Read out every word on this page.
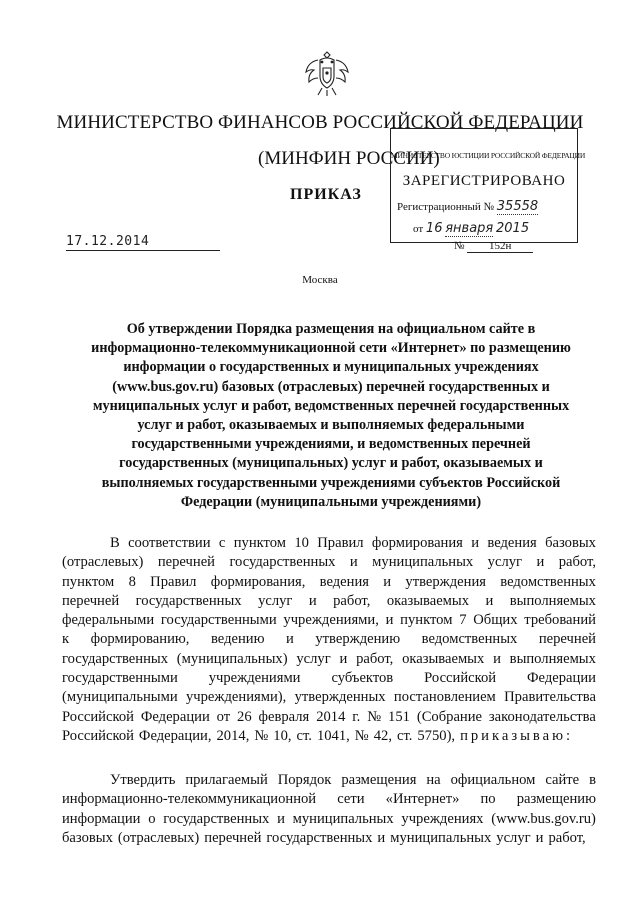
МИНИСТЕРСТВО ФИНАНСОВ РОССИЙСКОЙ ФЕДЕРАЦИИ
(МИНФИН РОССИИ)
ПРИКАЗ
МИНИСТЕРСТВО ЮСТИЦИИ РОССИЙСКОЙ ФЕДЕРАЦИИ
ЗАРЕГИСТРИРОВАНО
Регистрационный № 35558
от 16 января 2015
17.12.2014	№ 152н
Москва
Об утверждении Порядка размещения на официальном сайте в
информационно-телекоммуникационной сети «Интернет» по размещению
информации о государственных и муниципальных учреждениях
(www.bus.gov.ru) базовых (отраслевых) перечней государственных и
муниципальных услуг и работ, ведомственных перечней государственных
услуг и работ, оказываемых и выполняемых федеральными
государственными учреждениями, и ведомственных перечней
государственных (муниципальных) услуг и работ, оказываемых и
выполняемых государственными учреждениями субъектов Российской
Федерации (муниципальными учреждениями)
В соответствии с пунктом 10 Правил формирования и ведения базовых
(отраслевых) перечней государственных и муниципальных услуг и работ,
пунктом 8 Правил формирования, ведения и утверждения ведомственных
перечней государственных услуг и работ, оказываемых и выполняемых
федеральными государственными учреждениями, и пунктом 7 Общих требований
к формированию, ведению и утверждению ведомственных перечней
государственных (муниципальных) услуг и работ, оказываемых и выполняемых
государственными учреждениями субъектов Российской Федерации
(муниципальными учреждениями), утвержденных постановлением Правительства
Российской Федерации от 26 февраля 2014 г. № 151 (Собрание законодательства
Российской Федерации, 2014, № 10, ст. 1041, № 42, ст. 5750), приказываю:
Утвердить прилагаемый Порядок размещения на официальном сайте в
информационно-телекоммуникационной сети «Интернет» по размещению
информации о государственных и муниципальных учреждениях (www.bus.gov.ru)
базовых (отраслевых) перечней государственных и муниципальных услуг и работ,
